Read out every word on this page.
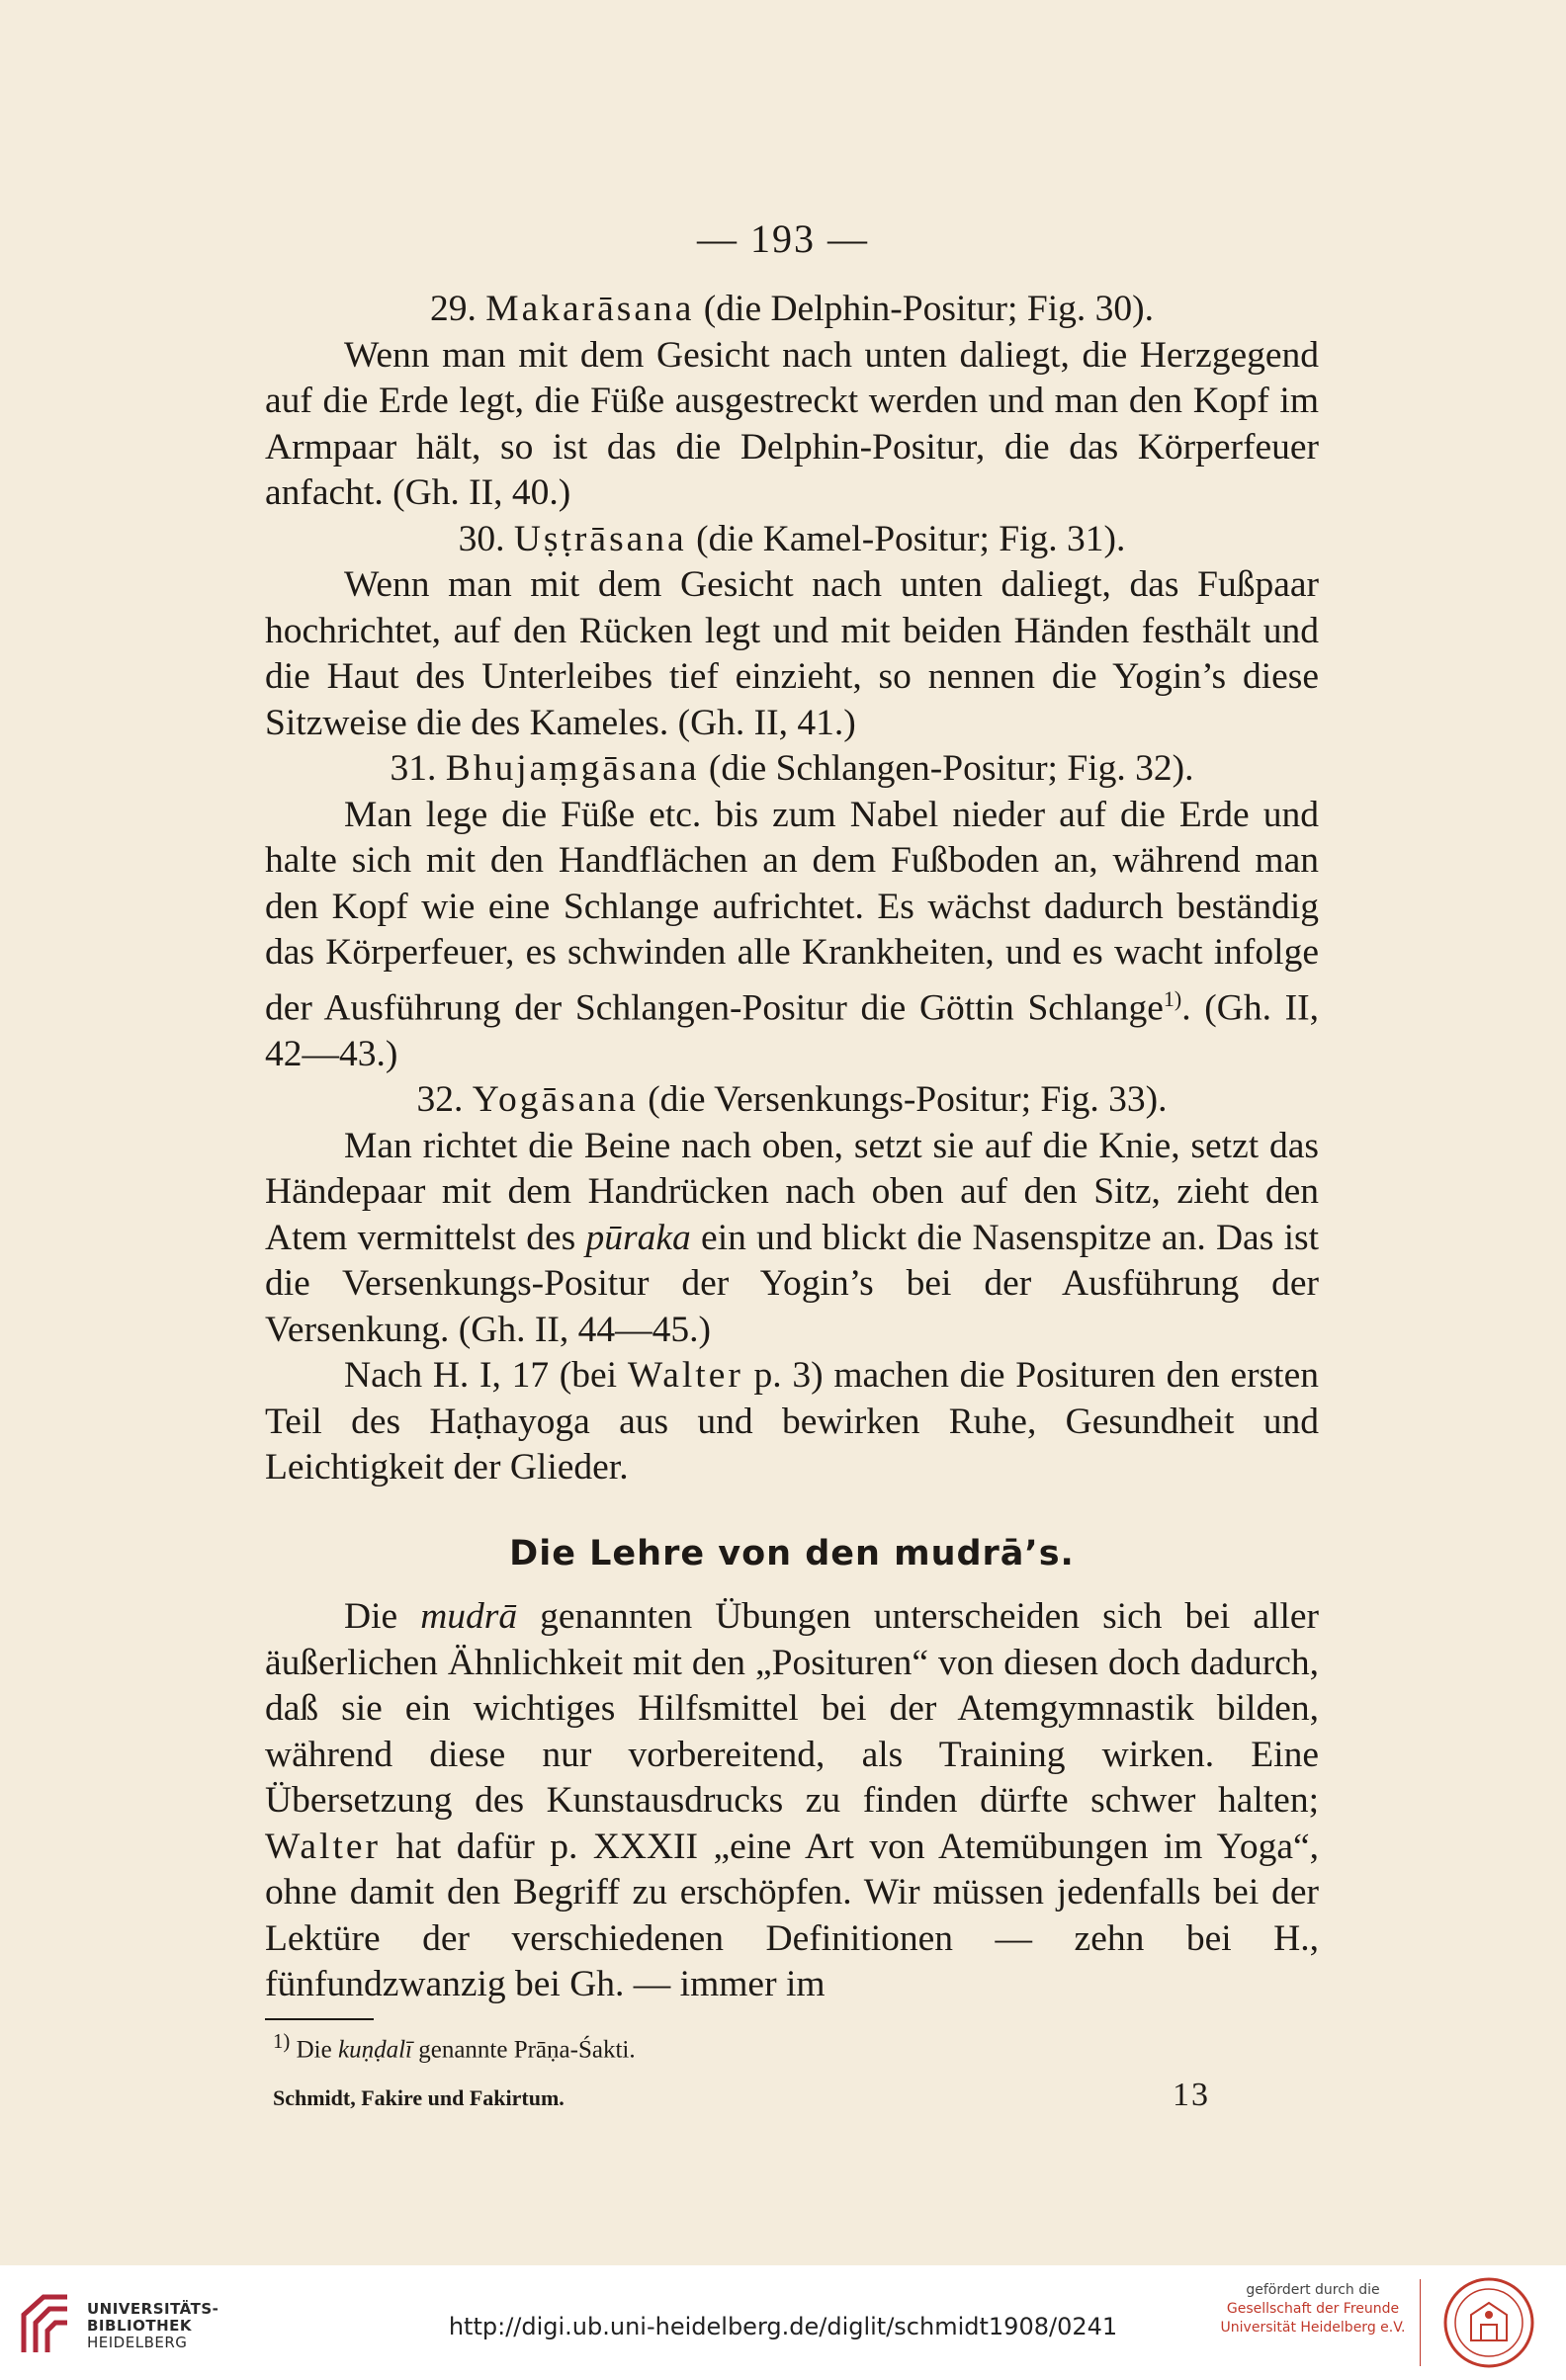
— 193 —

29. Makarāsana (die Delphin-Positur; Fig. 30).

Wenn man mit dem Gesicht nach unten daliegt, die Herzgegend auf die Erde legt, die Füße ausgestreckt werden und man den Kopf im Armpaar hält, so ist das die Delphin-Positur, die das Körperfeuer anfacht. (Gh. II, 40.)

30. Uṣṭrāsana (die Kamel-Positur; Fig. 31).

Wenn man mit dem Gesicht nach unten daliegt, das Fußpaar hochrichtet, auf den Rücken legt und mit beiden Händen festhält und die Haut des Unterleibes tief einzieht, so nennen die Yogin’s diese Sitzweise die des Kameles. (Gh. II, 41.)

31. Bhujaṃgāsana (die Schlangen-Positur; Fig. 32).

Man lege die Füße etc. bis zum Nabel nieder auf die Erde und halte sich mit den Handflächen an dem Fußboden an, während man den Kopf wie eine Schlange aufrichtet. Es wächst dadurch beständig das Körperfeuer, es schwinden alle Krankheiten, und es wacht infolge der Ausführung der Schlangen-Positur die Göttin Schlange$^{1)}$. (Gh. II, 42—43.)

32. Yogāsana (die Versenkungs-Positur; Fig. 33).

Man richtet die Beine nach oben, setzt sie auf die Knie, setzt das Händepaar mit dem Handrücken nach oben auf den Sitz, zieht den Atem vermittelst des pūraka ein und blickt die Nasenspitze an. Das ist die Versenkungs-Positur der Yogin’s bei der Ausführung der Versenkung. (Gh. II, 44—45.)

Nach H. I, 17 (bei Walter p. 3) machen die Posituren den ersten Teil des Haṭhayoga aus und bewirken Ruhe, Gesundheit und Leichtigkeit der Glieder.

Die Lehre von den mudrā’s.

Die mudrā genannten Übungen unterscheiden sich bei aller äußerlichen Ähnlichkeit mit den „Posituren“ von diesen doch dadurch, daß sie ein wichtiges Hilfsmittel bei der Atemgymnastik bilden, während diese nur vorbereitend, als Training wirken. Eine Übersetzung des Kunstausdrucks zu finden dürfte schwer halten; Walter hat dafür p. XXXII „eine Art von Atemübungen im Yoga“, ohne damit den Begriff zu erschöpfen. Wir müssen jedenfalls bei der Lektüre der verschiedenen Definitionen — zehn bei H., fünfundzwanzig bei Gh. — immer im

$^{1)}$ Die kuṇḍalī genannte Prāṇa-Śakti.

Schmidt, Fakire und Fakirtum.	13
UNIVERSITÄTS-
BIBLIOTHEK
HEIDELBERG
http://digi.ub.uni-heidelberg.de/diglit/schmidt1908/0241
gefördert durch die
Gesellschaft der Freunde
Universität Heidelberg e.V.
